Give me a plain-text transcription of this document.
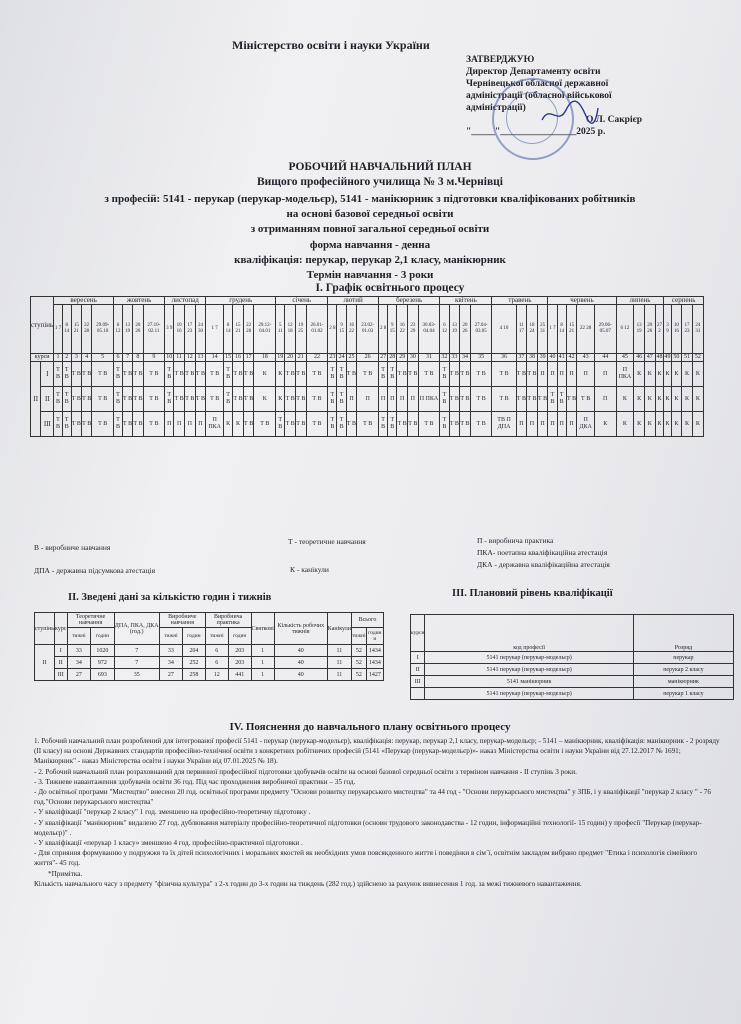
Міністерство освіти і науки України
ЗАТВЕРДЖУЮ
Директор Департаменту освіти
Чернівецької обласної державної
адміністрації (обласної військової
адміністрації)
О.Л. Сакрієр
"_____"________________2025 р.
РОБОЧИЙ НАВЧАЛЬНИЙ ПЛАН
Вищого професійного училища № 3 м.Чернівці
з професій: 5141 - перукар (перукар-модельєр), 5141 - манікюрник з підготовки кваліфікованих робітників
на основі базової середньої освіти
з отриманням повної загальної середньої освіти
форма навчання - денна
кваліфікація: перукар, перукар 2,1 класу, манікюрник
Термін навчання - 3 роки
I. Графік освітнього процесу
ступінь		вересень					жовтень				листопад				грудень					січень				лютий				березень					квітень				травень				червень					липень				серпень			
		1 7	8 14	15 21	22 28	29.09-05.10	6 12	13 19	20 26	27.10-02.11	3 9	10 16	17 23	24 30	1 7	8 14	15 21	22 28	29.12-04.01	5 11	12 18	19 25	26.01-01.02	2 8	9 15	16 22	23.02-01.03	2 8	9 15	16 22	23 29	30.03-04.04	6 12	13 19	20 26	27.04-03.05	4 10	11 17	18 24	25 31	1 7	8 14	15 21	22 28	29.06-05.07	6 12	13 19	20 26	27 2	3 9	10 16	17 23	24 31
курси		1	2	3	4	5	6	7	8	9	10	11	12	13	14	15	16	17	18	19	20	21	22	23	24	25	26	27	28	29	30	31	32	33	34	35	36	37	38	39	40	41	42	43	44	45	46	47	48	49	50	51	52
ІІ	І	Т В	Т В	Т В	Т В	Т В	Т В	Т В	Т В	Т В	Т В	Т В	Т В	Т В	Т В	Т В	Т В	Т В	К	К	Т В	Т В	Т В	Т В	Т В	Т В	Т В	Т В	Т В	Т В	Т В	Т В	Т В	Т В	Т В	Т В	Т В	Т В	Т В	П	П	П	П	П	П	П ПКА	К	К	К	К	К	К	К
	ІІ	Т В	Т В	Т В	Т В	Т В	Т В	Т В	Т В	Т В	Т В	Т В	Т В	Т В	Т В	Т В	Т В	Т В	К	К	Т В	Т В	Т В	Т В	Т В	П	П	П	П	П	П	П ПКА	Т В	Т В	Т В	Т В	Т В	Т В	Т В	Т В	Т В	Т В	Т В	Т В	П	К	К	К	К	К	К	К	К
	ІІІ	Т В	Т В	Т В	Т В	Т В	Т В	Т В	Т В	Т В	П	П	П	П	П ПКА	К	К	Т В	Т В	Т В	Т В	Т В	Т В	Т В	Т В	Т В	Т В	Т В	Т В	Т В	Т В	Т В	Т В	Т В	Т В	Т В	ТВ П ДПА	П	П	П	П	П	П	П ДКА	К	К	К	К	К	К	К	К	К
В - виробниче навчання
ДПА - державна підсумкова атестація
Т - теоретичне навчання
К - канікули
П - виробнича практика
ПКА- поетапна кваліфікаційна атестація
ДКА - державна кваліфікаційна атестація
II. Зведені дані за кількістю годин і тижнів
ступінь	курс	Теоретичне навчання		ДПА, ПКА, ДКА (год.)	Виробниче навчання		Виробнича практика		Святкові	Кількість робочих тижнів	Канікули	Всього	
		тижні	годин		тижні	годин	тижні	годин				тижні	годин и
ІІ	І	33	1020	7	33	204	6	203	1	40	11	52	1434
	ІІ	34	972	7	34	252	6	203	1	40	11	52	1434
	ІІІ	27	693	35	27	258	12	441	1	40	11	52	1427
III. Плановий рівень кваліфікації
курси	код професії	Розряд
І	5141 перукар (перукар-модельєр)	перукар
ІІ	5141 перукар (перукар-модельєр)	перукар 2 класу
ІІІ	5141 манікюрник	манікюрник
	5141 перукар (перукар-модельєр)	перукар 1 класу
IV. Пояснення до навчального плану освітнього процесу

1. Робочий навчальний план розроблений для інтегрованої професії 5141 - перукар (перукар-модельєр), кваліфікація: перукар, перукар 2,1 класу, перукар-модельєр; - 5141 – манікюрник, кваліфікація: манікюрник - 2 розряду (ІІ класу) на основі Державних стандартів професійно-технічної освіти з конкретних робітничих професій (5141 «Перукар (перукар-модельєр)»- наказ Міністерства освіти і науки України від 27.12.2017 № 1691; Манікюрник" - наказ Міністерства освіти і науки України від 07.01.2025 № 18).

- 2. Робочий навчальний план розраховнаний для первинної професійної підготовки здобувачів освіти на основі базової середньої освіти з терміном навчання - ІІ ступінь 3 роки.

- 3. Тижневе навантаження здобувачів освіти 36 год. Під час проходження виробничої практики – 35 год.

- До освітньої програми "Мистецтво" внесено 20 год. освітньої програми предмету "Основи розвитку перукарського мистецтва" та 44 год - "Основи перукарського мистецтва" у ЗПБ, і у кваліфікації "перукар 2 класу " - 76 год."Основи перукарського мистецтва"

- У кваліфікації "перукар 2 класу" 1 год. зменшено на професійно-теоретичну підготовку .

- У кваліфікації "манікюрник" видалено 27 год. дублювання матеріалу професійно-теоретичної підготовки (основи трудового законодавства - 12 годин, інформаційні технології- 15 годин) у професії "Перукар (перукар-модельєр)" .

- У кваліфікації «перукар 1 класу» зменшено 4 год. професійно-практичної підготовки .

- Для сприяння формуванню у подружжя та їх дітей психологічних і моральних якостей як необхідних умов повсякденного життя і поведінки в сім`ї, освітнім закладом вибрано предмет "Етика і психологія сімейного життя"- 45 год.

*Примітка.

Кількість навчального часу з предмету "фізична культура" з 2-х годин до 3-х годин на тиждень (282 год.) здійснено за рахунок вивнесення 1 год. за межі тижневого навантаження.
